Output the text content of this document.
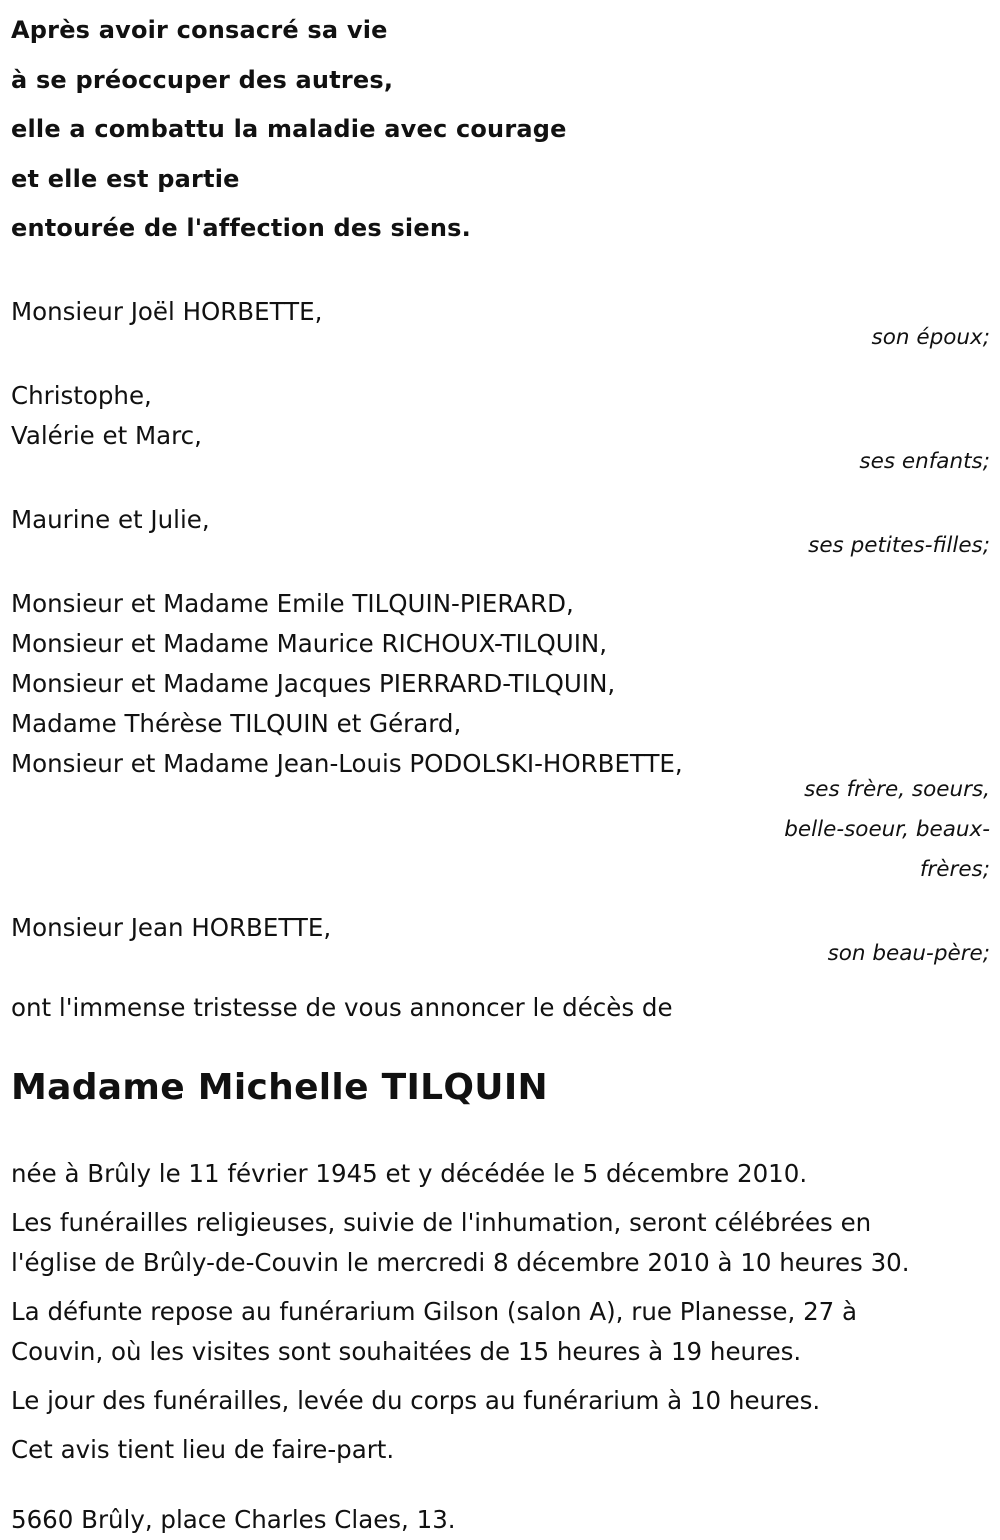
Après avoir consacré sa vie
à se préoccuper des autres,
elle a combattu la maladie avec courage
et elle est partie
entourée de l'affection des siens.
Monsieur Joël HORBETTE,
son époux;
Christophe,
Valérie et Marc,
ses enfants;
Maurine et Julie,
ses petites-filles;
Monsieur et Madame Emile TILQUIN-PIERARD,
Monsieur et Madame Maurice RICHOUX-TILQUIN,
Monsieur et Madame Jacques PIERRARD-TILQUIN,
Madame Thérèse TILQUIN et Gérard,
Monsieur et Madame Jean-Louis PODOLSKI-HORBETTE,
ses frère, soeurs,
belle-soeur, beaux-
frères;
Monsieur Jean HORBETTE,
son beau-père;
ont l'immense tristesse de vous annoncer le décès de
Madame Michelle TILQUIN
née à Brûly le 11 février 1945 et y décédée le 5 décembre 2010.
Les funérailles religieuses, suivie de l'inhumation, seront célébrées en
l'église de Brûly-de-Couvin le mercredi 8 décembre 2010 à 10 heures 30.
La défunte repose au funérarium Gilson (salon A), rue Planesse, 27 à
Couvin, où les visites sont souhaitées de 15 heures à 19 heures.
Le jour des funérailles, levée du corps au funérarium à 10 heures.
Cet avis tient lieu de faire-part.
5660 Brûly, place Charles Claes, 13.
